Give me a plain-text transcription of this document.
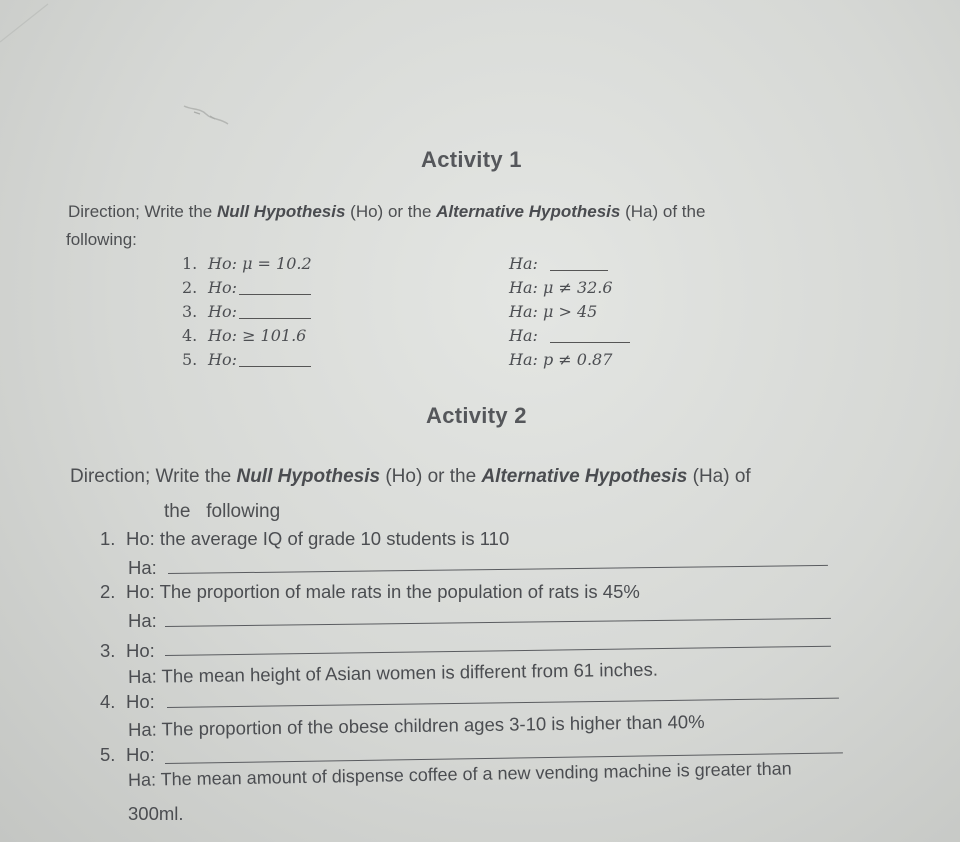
Activity 1
Direction; Write the Null Hypothesis (Ho) or the Alternative Hypothesis (Ha) of the
following:
1. Ho: μ = 10.2	Ha:
2. Ho:	Ha: μ ≠ 32.6
3. Ho:	Ha: μ > 45
4. Ho: ≥ 101.6	Ha:
5. Ho:	Ha: p ≠ 0.87
Activity 2
Direction; Write the Null Hypothesis (Ho) or the Alternative Hypothesis (Ha) of
the   following
1. Ho: the average IQ of grade 10 students is 110
Ha:
2. Ho: The proportion of male rats in the population of rats is 45%
Ha:
3. Ho:
Ha: The mean height of Asian women is different from 61 inches.
4. Ho:
Ha: The proportion of the obese children ages 3-10 is higher than 40%
5. Ho:
Ha: The mean amount of dispense coffee of a new vending machine is greater than
300ml.
